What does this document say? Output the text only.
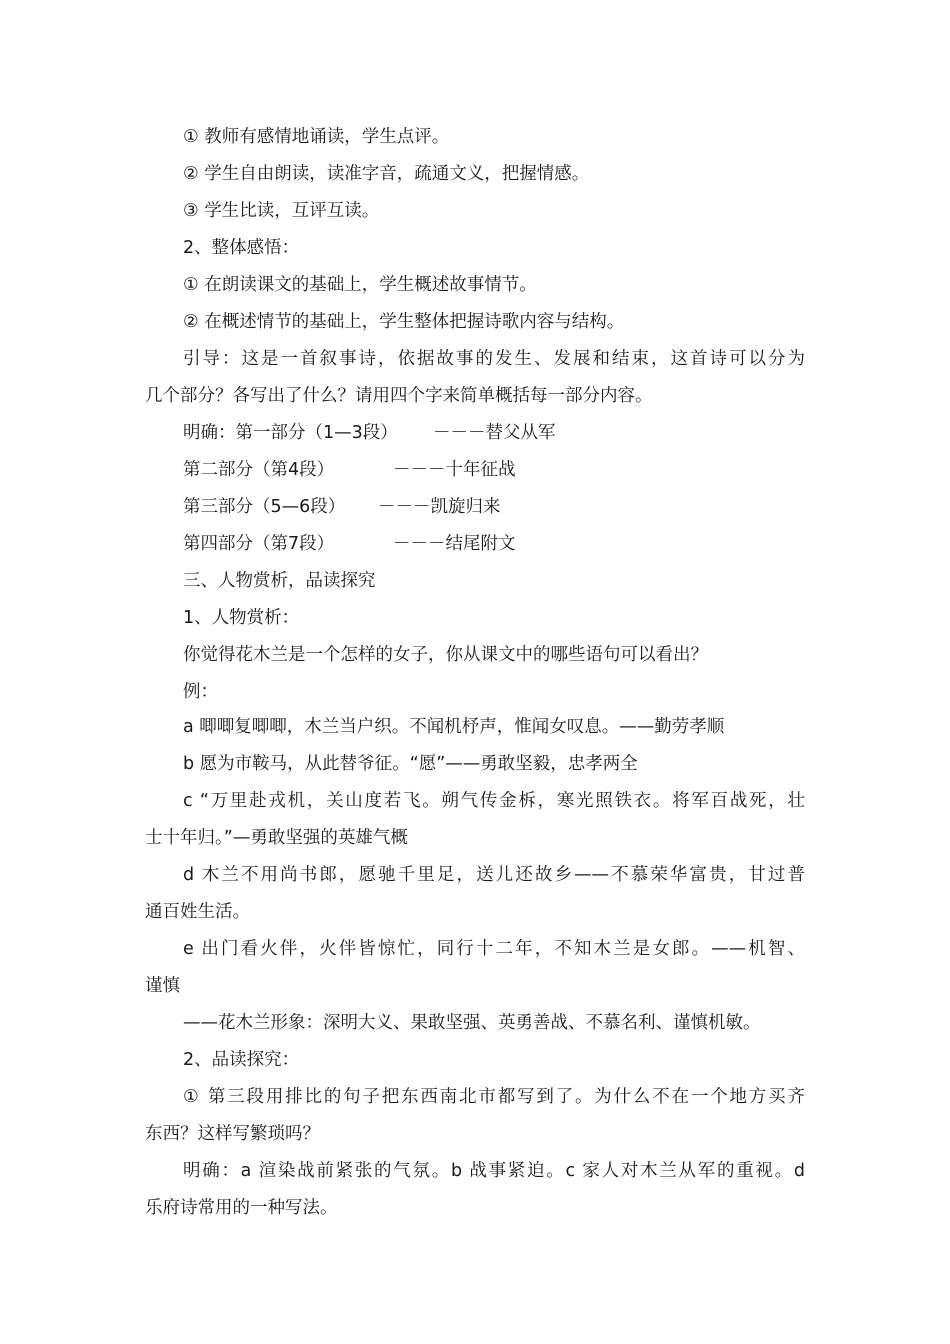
① 教师有感情地诵读，学生点评。
② 学生自由朗读，读准字音，疏通文义，把握情感。
③ 学生比读，互评互读。
2、整体感悟：
① 在朗读课文的基础上，学生概述故事情节。
② 在概述情节的基础上，学生整体把握诗歌内容与结构。
引导：这是一首叙事诗，依据故事的发生、发展和结束，这首诗可以分为
几个部分？各写出了什么？请用四个字来简单概括每一部分内容。
明确：第一部分（1—3段） －－－替父从军
第二部分（第4段）	－－－十年征战
第三部分（5—6段） －－－凯旋归来
第四部分（第7段）	－－－结尾附文
三、人物赏析，品读探究
1、人物赏析：
你觉得花木兰是一个怎样的女子，你从课文中的哪些语句可以看出？
例：
a 唧唧复唧唧，木兰当户织。不闻机杼声，惟闻女叹息。——勤劳孝顺
b 愿为市鞍马，从此替爷征。“愿”——勇敢坚毅，忠孝两全
c “万里赴戎机，关山度若飞。朔气传金柝，寒光照铁衣。将军百战死，壮
士十年归。”—勇敢坚强的英雄气概
d 木兰不用尚书郎，愿驰千里足，送儿还故乡——不慕荣华富贵，甘过普
通百姓生活。
e 出门看火伴，火伴皆惊忙，同行十二年，不知木兰是女郎。——机智、
谨慎
——花木兰形象：深明大义、果敢坚强、英勇善战、不慕名利、谨慎机敏。
2、品读探究：
① 第三段用排比的句子把东西南北市都写到了。为什么不在一个地方买齐
东西？这样写繁琐吗？
明确：a 渲染战前紧张的气氛。b 战事紧迫。c 家人对木兰从军的重视。d
乐府诗常用的一种写法。
